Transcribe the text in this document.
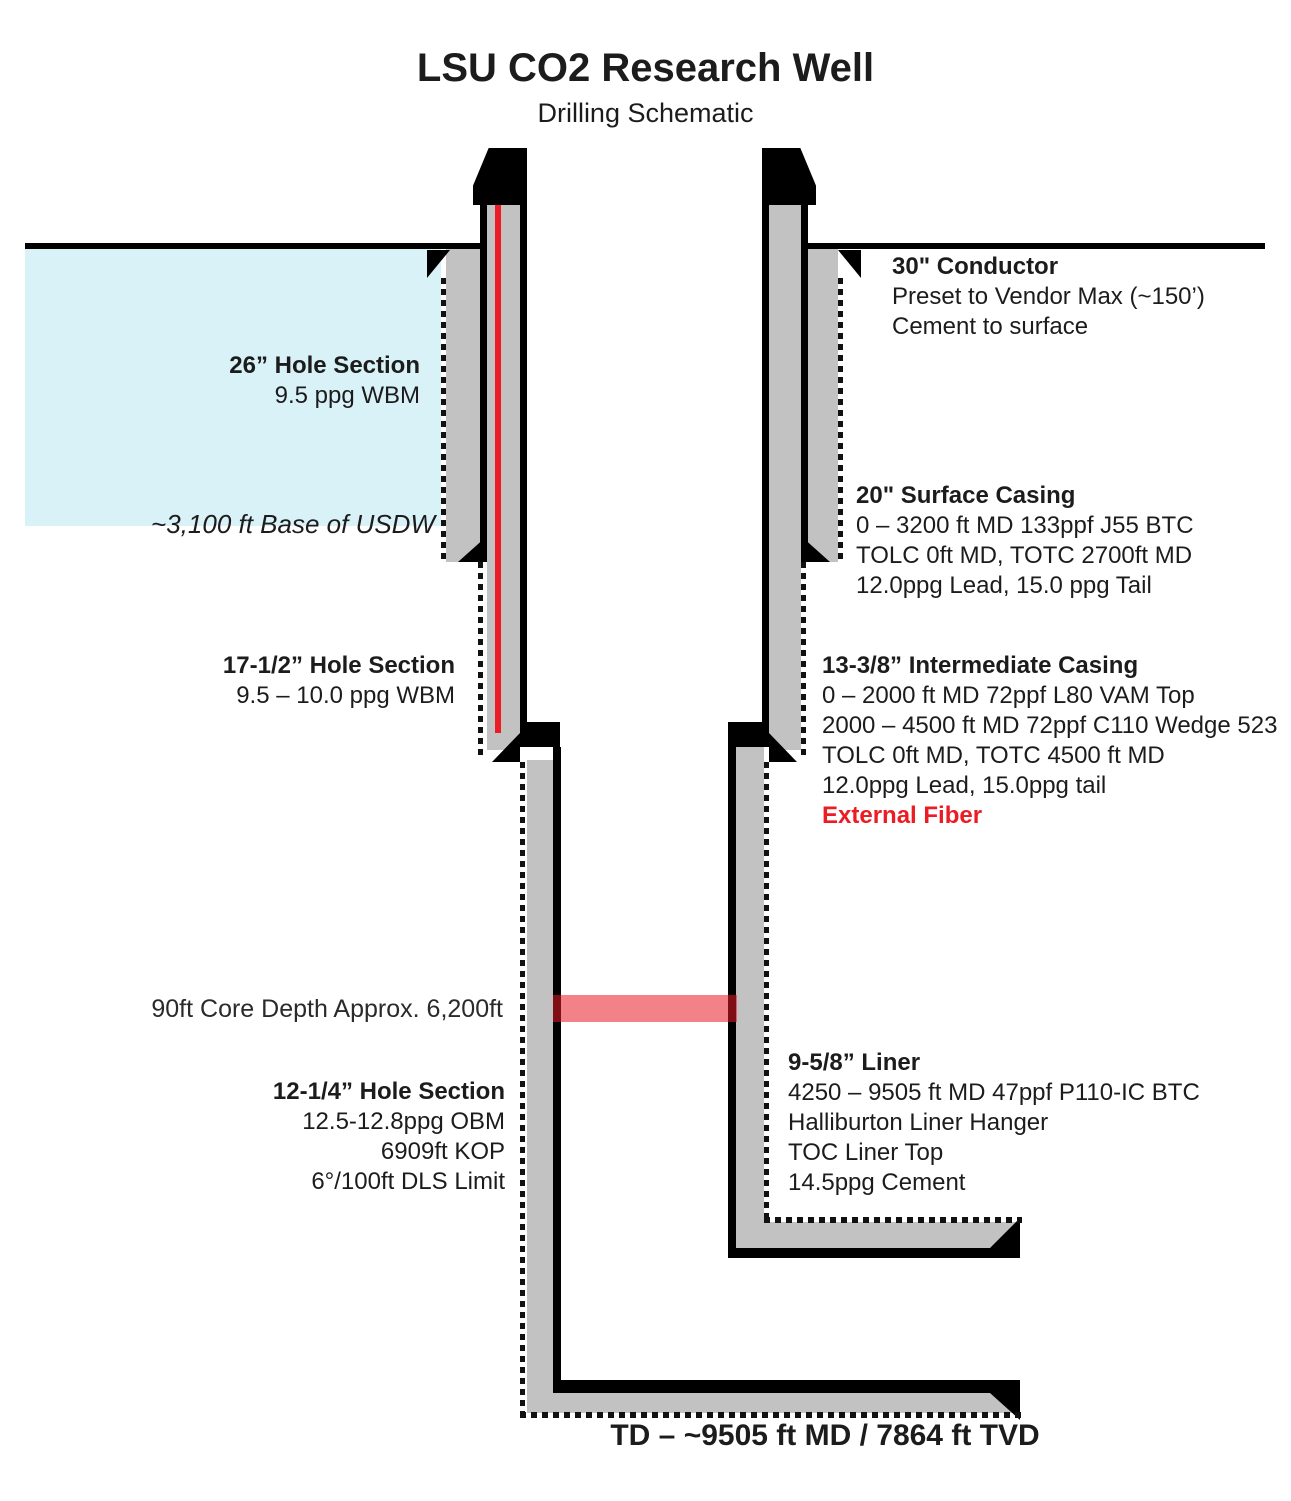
LSU CO2 Research Well
Drilling Schematic
30" Conductor
Preset to Vendor Max (~150’)
Cement to surface
26” Hole Section
9.5 ppg WBM
~3,100 ft Base of USDW
20" Surface Casing
0 – 3200 ft MD 133ppf J55 BTC
TOLC 0ft MD, TOTC 2700ft MD
12.0ppg Lead, 15.0 ppg Tail
17-1/2” Hole Section
9.5 – 10.0 ppg WBM
13-3/8” Intermediate Casing
0 – 2000 ft MD 72ppf L80 VAM Top
2000 – 4500 ft MD 72ppf C110 Wedge 523
TOLC 0ft MD, TOTC 4500 ft MD
12.0ppg Lead, 15.0ppg tail
External Fiber
90ft Core Depth Approx. 6,200ft
12-1/4” Hole Section
12.5-12.8ppg OBM
6909ft KOP
6°/100ft DLS Limit
9-5/8” Liner
4250 – 9505 ft MD 47ppf P110-IC BTC
Halliburton Liner Hanger
TOC Liner Top
14.5ppg Cement
TD – ~9505 ft MD / 7864 ft TVD
